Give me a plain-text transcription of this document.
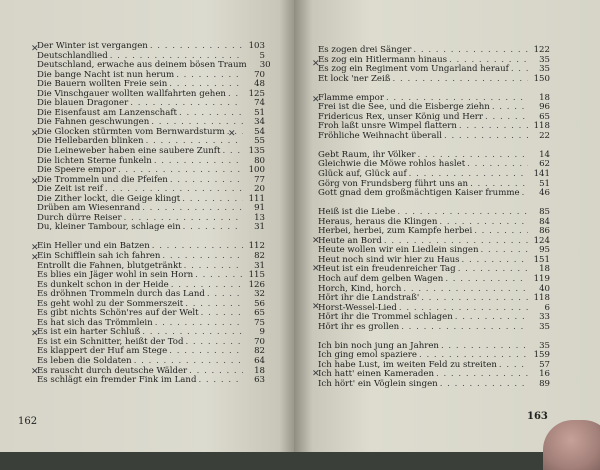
Der Winter ist vergangen . . .	103
Deutschlandlied . . .	5
Deutschland, erwache aus deinem bösen Traum	30
Die bange Nacht ist nun herum . . .	70
Die Bauern wollten Freie sein . . .	48
Die Vinschgauer wollten wallfahrten gehen . . .	125
Die blauen Dragoner . . .	74
Die Eisenfaust am Lanzenschaft . . .	51
Die Fahnen geschwungen . . .	34
Die Glocken stürmten vom Bernwardsturm . . .	54
Die Hellebarden blinken . . .	55
Die Leineweber haben eine saubere Zunft . . .	135
Die lichten Sterne funkeln . . .	80
Die Speere empor . . .	100
Die Trommeln und die Pfeifen . . .	77
Die Zeit ist reif . . .	20
Die Zither lockt, die Geige klingt . . .	111
Drüben am Wiesenrand . . .	91
Durch dürre Reiser . . .	13
Du, kleiner Tambour, schlage ein . . .	31
Ein Heller und ein Batzen . . .	112
Ein Schifflein sah ich fahren . . .	82
Entrollt die Fahnen, blutgetränkt . . .	31
Es blies ein Jäger wohl in sein Horn . . .	115
Es dunkelt schon in der Heide . . .	126
Es dröhnen Trommeln durch das Land . . .	32
Es geht wohl zu der Sommerszeit . . .	56
Es gibt nichts Schön'res auf der Welt . . .	65
Es hat sich das Trömmlein . . .	75
Es ist ein harter Schluß . . .	9
Es ist ein Schnitter, heißt der Tod . . .	70
Es klappert der Huf am Stege . . .	82
Es leben die Soldaten . . .	64
Es rauscht durch deutsche Wälder . . .	18
Es schlägt ein fremder Fink im Land . . .	63
162
✕
✕
✕
✕
✕
✕
✕
✕
Es zogen drei Sänger . . .	122
Es zog ein Hitlermann hinaus . . .	35
Es zog ein Regiment vom Ungarland herauf . . .	35
Et lock 'ner Zeiß . . .	150
Flamme empor . . .	18
Frei ist die See, und die Eisberge ziehn . . .	96
Fridericus Rex, unser König und Herr . . .	65
Froh laßt unsre Wimpel flattern . . .	118
Fröhliche Weihnacht überall . . .	22
Gebt Raum, ihr Völker . . .	14
Gleichwie die Möwe rohlos haslet . . .	62
Glück auf, Glück auf . . .	141
Görg von Frundsberg führt uns an . . .	51
Gott gnad dem großmächtigen Kaiser frumme . . .	46
Heiß ist die Liebe . . .	85
Heraus, heraus die Klingen . . .	84
Herbei, herbei, zum Kampfe herbei . . .	86
Heute an Bord . . .	124
Heute wollen wir ein Liedlein singen . . .	95
Heut noch sind wir hier zu Haus . . .	151
Heut ist ein freudenreicher Tag . . .	18
Hoch auf dem gelben Wagen . . .	119
Horch, Kind, horch . . .	40
Hört ihr die Landstraß' . . .	118
Horst-Wessel-Lied . . .	6
Hört ihr die Trommel schlagen . . .	33
Hört ihr es grollen . . .	35
Ich bin noch jung an Jahren . . .	35
Ich ging emol spaziere . . .	159
Ich habe Lust, im weiten Feld zu streiten . . .	57
Ich hatt' einen Kameraden . . .	16
Ich hört' ein Vöglein singen . . .	89
163
✕
✕
✕
✕
✕
✕
